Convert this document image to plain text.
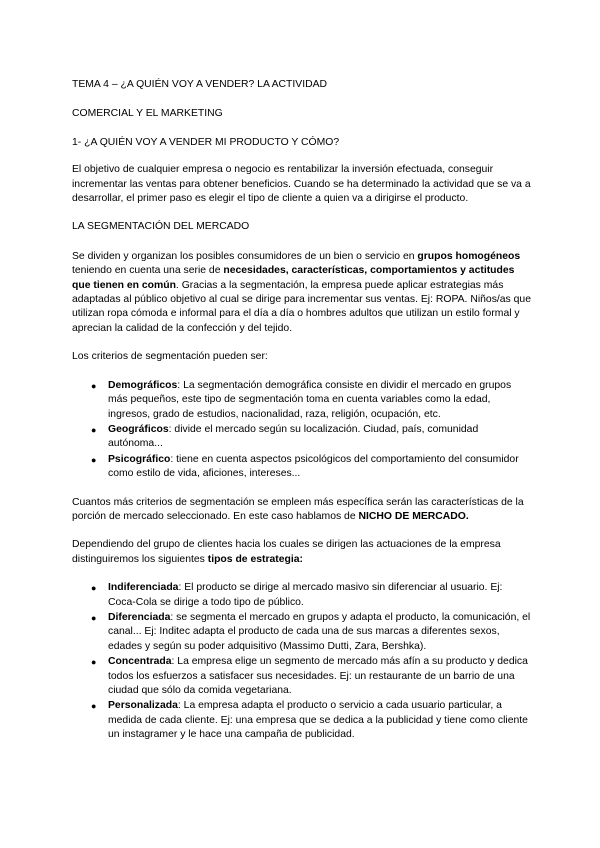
TEMA 4 – ¿A QUIÉN VOY A VENDER? LA ACTIVIDAD

COMERCIAL Y EL MARKETING

1- ¿A QUIÉN VOY A VENDER MI PRODUCTO Y CÓMO?

El objetivo de cualquier empresa o negocio es rentabilizar la inversión efectuada, conseguir incrementar las ventas para obtener beneficios. Cuando se ha determinado la actividad que se va a desarrollar, el primer paso es elegir el tipo de cliente a quien va a dirigirse el producto.

LA SEGMENTACIÓN DEL MERCADO

Se dividen y organizan los posibles consumidores de un bien o servicio en grupos homogéneos teniendo en cuenta una serie de necesidades, características, comportamientos y actitudes que tienen en común. Gracias a la segmentación, la empresa puede aplicar estrategias más adaptadas al público objetivo al cual se dirige para incrementar sus ventas. Ej: ROPA. Niños/as que utilizan ropa cómoda e informal para el día a día o hombres adultos que utilizan un estilo formal y aprecian la calidad de la confección y del tejido.

Los criterios de segmentación pueden ser:

● Demográficos: La segmentación demográfica consiste en dividir el mercado en grupos más pequeños, este tipo de segmentación toma en cuenta variables como la edad, ingresos, grado de estudios, nacionalidad, raza, religión, ocupación, etc.
● Geográficos: divide el mercado según su localización. Ciudad, país, comunidad autónoma...
● Psicográfico: tiene en cuenta aspectos psicológicos del comportamiento del consumidor como estilo de vida, aficiones, intereses...

Cuantos más criterios de segmentación se empleen más específica serán las características de la porción de mercado seleccionado. En este caso hablamos de NICHO DE MERCADO.

Dependiendo del grupo de clientes hacia los cuales se dirigen las actuaciones de la empresa distinguiremos los siguientes tipos de estrategia:

● Indiferenciada: El producto se dirige al mercado masivo sin diferenciar al usuario. Ej: Coca-Cola se dirige a todo tipo de público.
● Diferenciada: se segmenta el mercado en grupos y adapta el producto, la comunicación, el canal... Ej: Inditec adapta el producto de cada una de sus marcas a diferentes sexos, edades y según su poder adquisitivo (Massimo Dutti, Zara, Bershka).
● Concentrada: La empresa elige un segmento de mercado más afín a su producto y dedica todos los esfuerzos a satisfacer sus necesidades. Ej: un restaurante de un barrio de una ciudad que sólo da comida vegetariana.
● Personalizada: La empresa adapta el producto o servicio a cada usuario particular, a medida de cada cliente. Ej: una empresa que se dedica a la publicidad y tiene como cliente un instagramer y le hace una campaña de publicidad.
